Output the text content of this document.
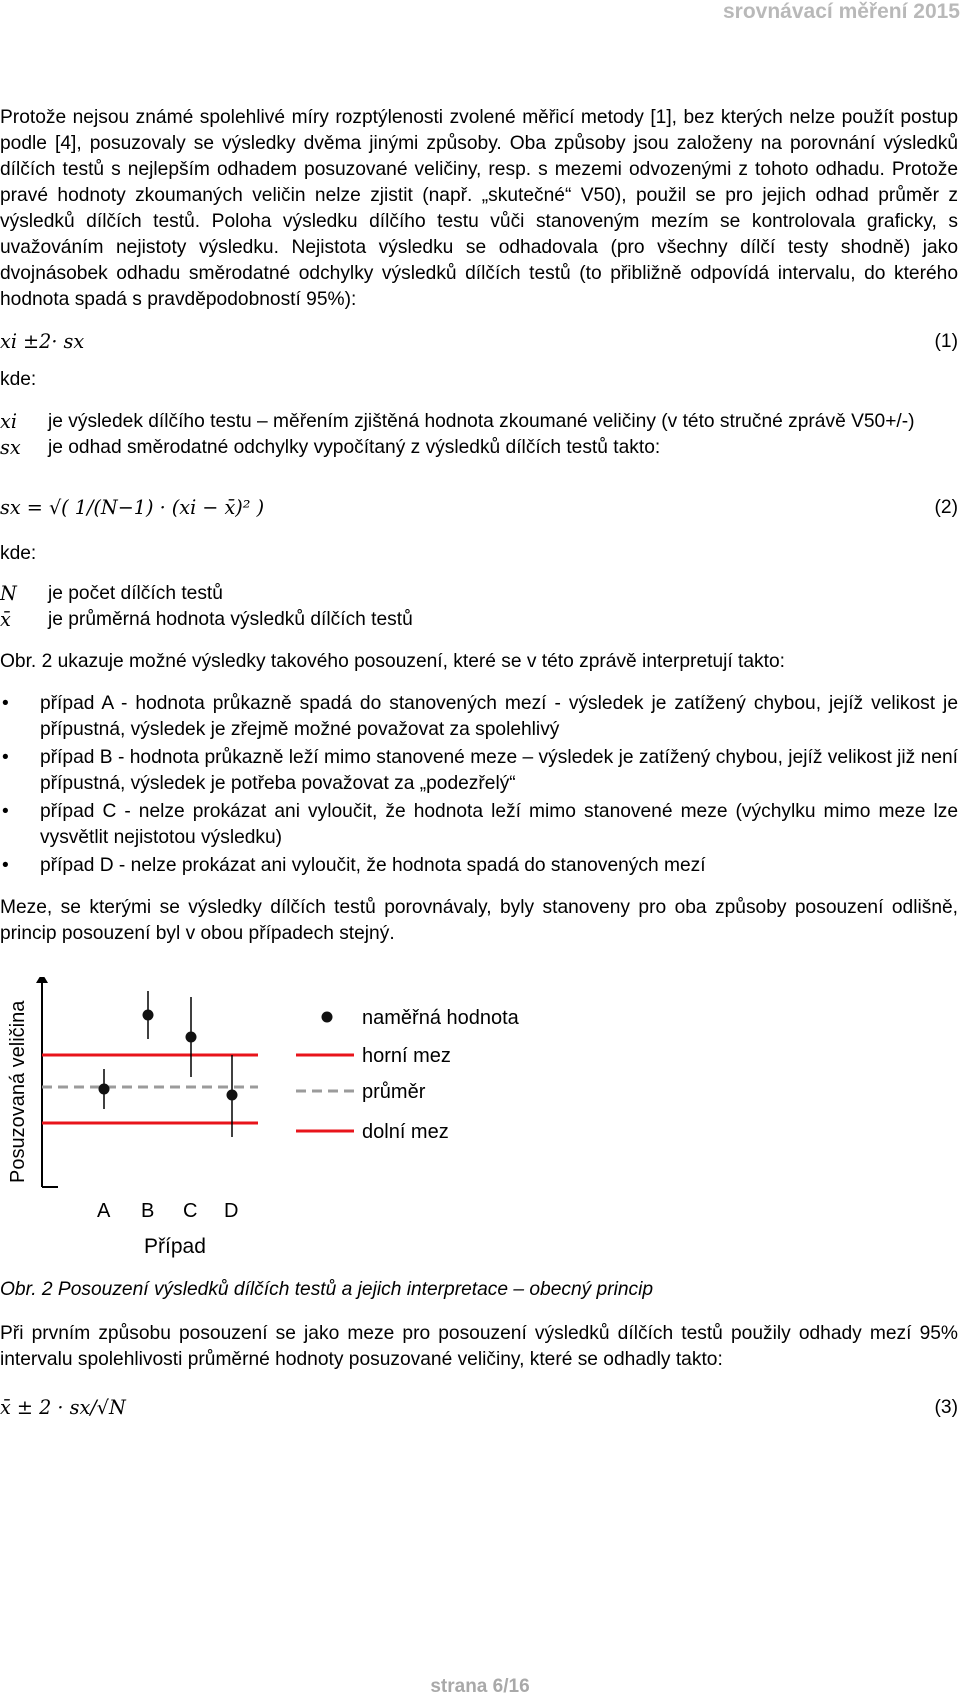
srovnávací měření 2015

Protože nejsou známé spolehlivé míry rozptýlenosti zvolené měřicí metody [1], bez kterých nelze použít postup podle [4], posuzovaly se výsledky dvěma jinými způsoby. Oba způsoby jsou založeny na porovnání výsledků dílčích testů s nejlepším odhadem posuzované veličiny, resp. s mezemi odvozenými z tohoto odhadu. Protože pravé hodnoty zkoumaných veličin nelze zjistit (např. „skutečné“ V50), použil se pro jejich odhad průměr z výsledků dílčích testů. Poloha výsledku dílčího testu vůči stanoveným mezím se kontrolovala graficky, s uvažováním nejistoty výsledku. Nejistota výsledku se odhadovala (pro všechny dílčí testy shodně) jako dvojnásobek odhadu směrodatné odchylky výsledků dílčích testů (to přibližně odpovídá intervalu, do kterého hodnota spadá s pravděpodobností 95%):

xi ±2· sx	(1)
kde:
xi	je výsledek dílčího testu – měřením zjištěná hodnota zkoumané veličiny (v této stručné zprávě V50+/-)
sx	je odhad směrodatné odchylky vypočítaný z výsledků dílčích testů takto:
sx = √( 1/(N−1) · (xi − x̄)² )	(2)
kde:
N	je počet dílčích testů
x̄	je průměrná hodnota výsledků dílčích testů

Obr. 2 ukazuje možné výsledky takového posouzení, které se v této zprávě interpretují takto:

• případ A - hodnota průkazně spadá do stanovených mezí - výsledek je zatížený chybou, jejíž velikost je přípustná, výsledek je zřejmě možné považovat za spolehlivý
• případ B - hodnota průkazně leží mimo stanovené meze – výsledek je zatížený chybou, jejíž velikost již není přípustná, výsledek je potřeba považovat za „podezřelý“
• případ C - nelze prokázat ani vyloučit, že hodnota leží mimo stanovené meze (výchylku mimo meze lze vysvětlit nejistotou výsledku)
• případ D - nelze prokázat ani vyloučit, že hodnota spadá do stanovených mezí

Meze, se kterými se výsledky dílčích testů porovnávaly, byly stanoveny pro oba způsoby posouzení odlišně, princip posouzení byl v obou případech stejný.

Posuzovaná veličina
A B C D
Případ
naměřná hodnota
horní mez
průměr
dolní mez

Obr. 2 Posouzení výsledků dílčích testů a jejich interpretace – obecný princip

Při prvním způsobu posouzení se jako meze pro posouzení výsledků dílčích testů použily odhady mezí 95% intervalu spolehlivosti průměrné hodnoty posuzované veličiny, které se odhadly takto:

x̄ ± 2 · sx/√N	(3)
strana 6/16
